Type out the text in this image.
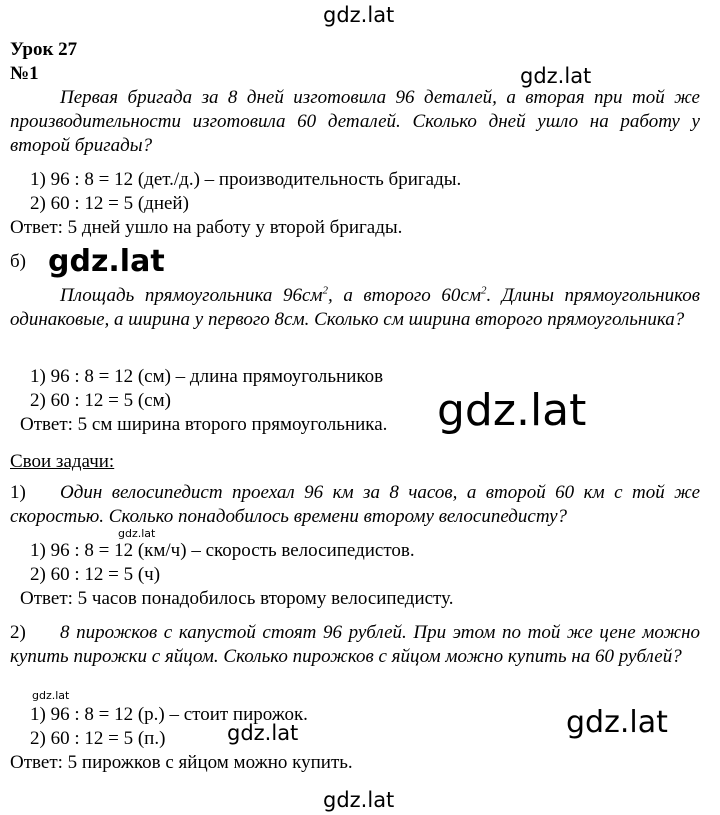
gdz.lat
gdz.lat
gdz.lat
gdz.lat
gdz.lat
gdz.lat
gdz.lat	gdz.lat
gdz.lat
Урок 27
№1
Первая бригада за 8 дней изготовила 96 деталей, а вторая при той же производительности изготовила 60 деталей. Сколько дней ушло на работу у второй бригады?
1) 96 : 8 = 12 (дет./д.) – производительность бригады.
2) 60 : 12 = 5 (дней)
Ответ: 5 дней ушло на работу у второй бригады.
б)
Площадь прямоугольника $96см^2$, а второго $60см^2$. Длины прямоугольников одинаковые, а ширина у первого 8см. Сколько см ширина второго прямоугольника?
1) 96 : 8 = 12 (см) – длина прямоугольников
2) 60 : 12 = 5 (см)
Ответ: 5 см ширина второго прямоугольника.
Свои задачи:
1)	Один велосипедист проехал 96 км за 8 часов, а второй 60 км с той же скоростью. Сколько понадобилось времени второму велосипедисту?
1) 96 : 8 = 12 (км/ч) – скорость велосипедистов.
2) 60 : 12 = 5 (ч)
Ответ: 5 часов понадобилось второму велосипедисту.
2)	8 пирожков с капустой стоят 96 рублей. При этом по той же цене можно купить пирожки с яйцом. Сколько пирожков с яйцом можно купить на 60 рублей?
1) 96 : 8 = 12 (р.) – стоит пирожок.
2) 60 : 12 = 5 (п.)
Ответ: 5 пирожков с яйцом можно купить.
